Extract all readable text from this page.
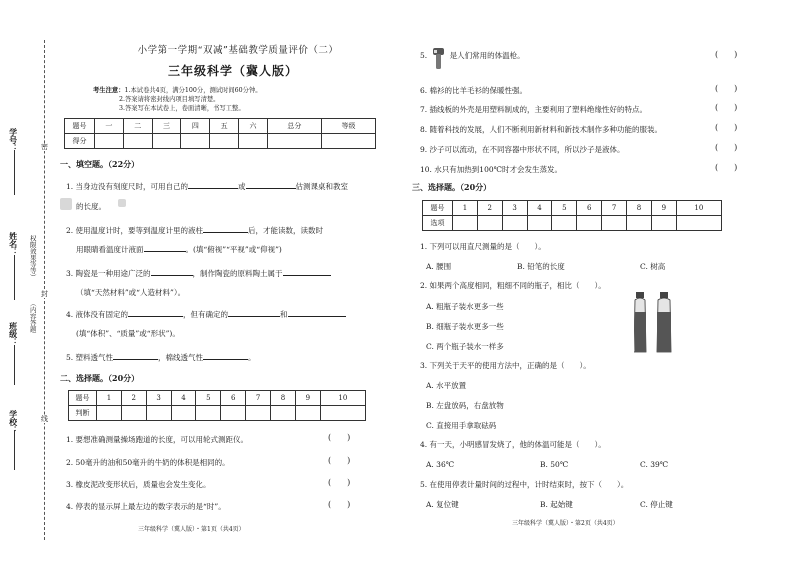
学号：
姓名：
班级：
学校：
（内容答题
权限效果等等）
密
封
线
小学第一学期“双减”基础教学质量评价（二）
三年级科学（冀人版）
考生注意：1.本试卷共4页，满分100分，测试时间60分钟。
2.答案请将密封线内项目填写清楚。
3.答案写在本试卷上，卷面清晰，书写工整。
题号	一	二	三	四	五	六	总分	等级
得分								
一、填空题。（22分）
1. 当身边没有刻度尺时，可用自己的	或	估测课桌和教室
的长度。
2. 使用温度计时，要等到温度计里的液柱	后，才能读数，读数时
用眼睛看温度计液面	。(填“俯视”“平视”或“仰视”)
3. 陶瓷是一种用途广泛的	，制作陶瓷的原料陶土属于
（填“天然材料”或“人造材料”）。
4. 液体没有固定的	，但有确定的	和
(填“体积”、“质量”或“形状”)。
5. 塑料透气性	，棉线透气性	。
二、选择题。（20分）
题号	1	2	3	4	5	6	7	8	9	10
判断										
1. 要想准确测量操场跑道的长度，可以用轮式测距仪。	(　　)
2. 50毫升的油和50毫升的牛奶的体积是相同的。	(　　)
3. 橡皮泥改变形状后，质量也会发生变化。	(　　)
4. 停表的显示屏上最左边的数字表示的是“时”。	(　　)
三年级科学（冀人版）・第1页（共4页）
5.　　　是人们常用的体温枪。	(　　)
6. 棉衫的比羊毛衫的保暖性强。	(　　)
7. 插线板的外壳是用塑料制成的，主要利用了塑料绝缘性好的特点。	(　　)
8. 随着科技的发展，人们不断利用新材料和新技术制作多种功能的服装。	(　　)
9. 沙子可以流动，在不同容器中形状不同，所以沙子是液体。	(　　)
10. 水只有加热到100℃时才会发生蒸发。	(　　)
三、选择题。（20分）
题号	1	2	3	4	5	6	7	8	9	10
选项										
1. 下列可以用直尺测量的是（　　）。
A. 腰围	B. 铅笔的长度	C. 树高
2. 如果两个高度相同，粗细不同的瓶子，相比（　　）。
A. 粗瓶子装水更多一些
B. 细瓶子装水更多一些
C. 两个瓶子装水一样多
3. 下列关于天平的使用方法中，正确的是（　　）。
A. 水平放置
B. 左盘放码，右盘放物
C. 直接用手拿取砝码
4. 有一天，小明感冒发烧了，他的体温可能是（　　）。
A. 36℃	B. 50℃	C. 39℃
5. 在使用停表计量时间的过程中，计时结束时，按下（　　）。
A. 复位键	B. 起始键	C. 停止键
三年级科学（冀人版）・第2页（共4页）
